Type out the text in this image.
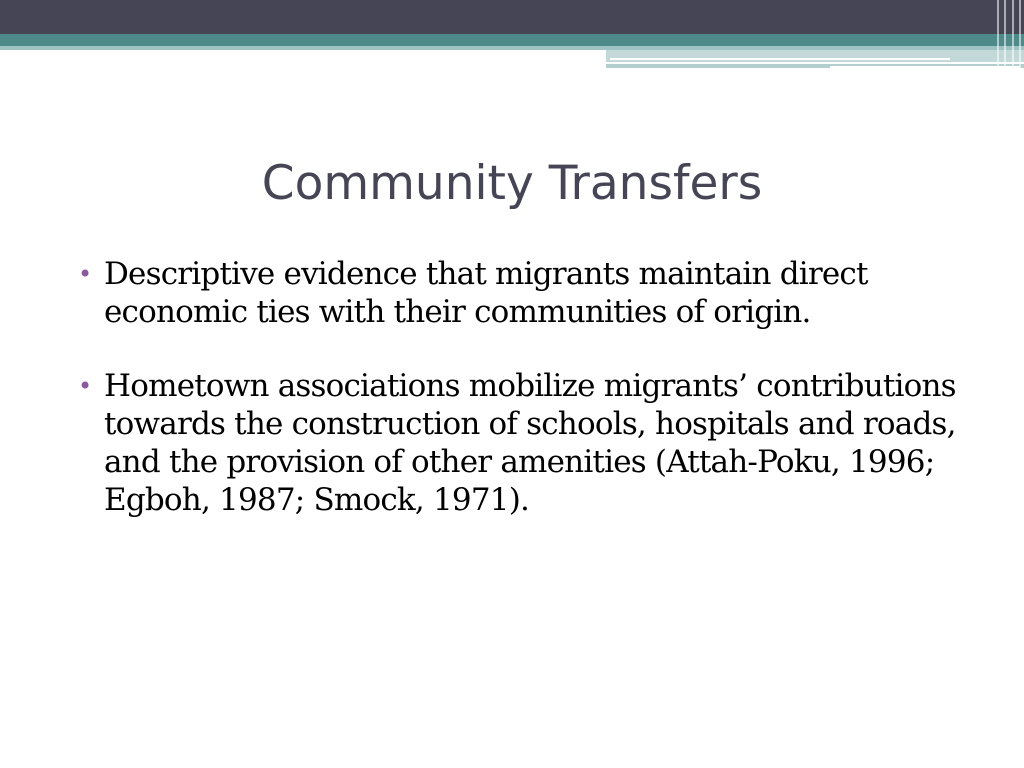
Community Transfers
• Descriptive evidence that migrants maintain direct economic ties with their communities of origin.
• Hometown associations mobilize migrants’ contributions towards the construction of schools, hospitals and roads, and the provision of other amenities (Attah-Poku, 1996; Egboh, 1987; Smock, 1971).
